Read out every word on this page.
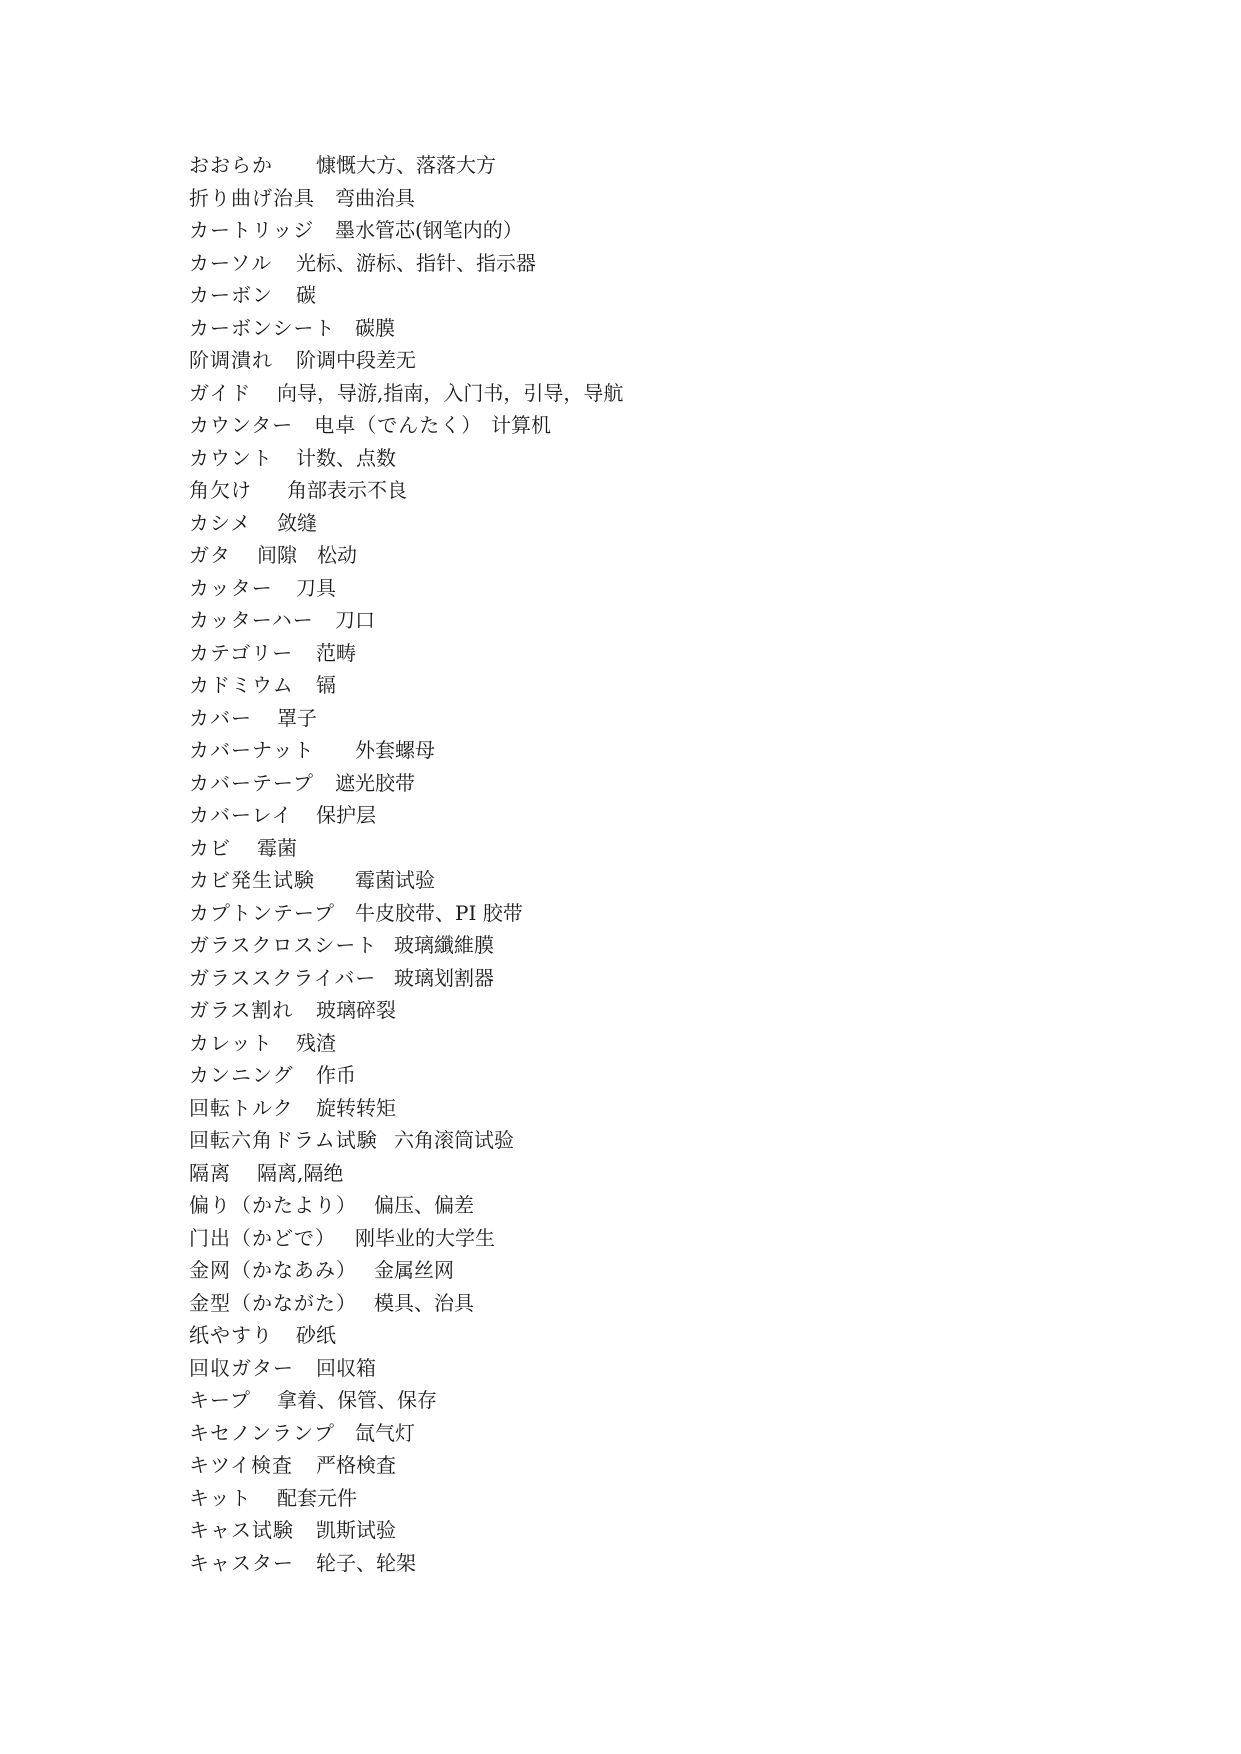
おおらか	慷慨大方、落落大方
折り曲げ治具	弯曲治具
カートリッジ	墨水管芯(钢笔内的）
カーソル	光标、游标、指针、指示器
カーボン	碳
カーボンシート 碳膜
阶调潰れ	阶调中段差无
ガイド	向导，导游,指南，入门书，引导，导航
カウンター　电卓（でんたく） 计算机
カウント	计数、点数
角欠け	角部表示不良
カシメ	敛缝
ガタ	间隙　松动
カッター	刀具
カッターハー	刀口
カテゴリー	范畴
カドミウム	镉
カバー	罩子
カバーナット	外套螺母
カバーテープ	遮光胶带
カバーレイ	保护层
カビ	霉菌
カビ発生试験	霉菌试验
カプトンテープ	牛皮胶带、PI 胶带
ガラスクロスシート 玻璃纖維膜
ガラススクライバー 玻璃划割器
ガラス割れ	玻璃碎裂
カレット	残渣
カンニング	作币
回転トルク	旋转转矩
回転六角ドラム试験 六角滚筒试验
隔离	隔离,隔绝
偏り（かたより） 偏压、偏差
门出（かどで） 刚毕业的大学生
金网（かなあみ） 金属丝网
金型（かながた） 模具、治具
纸やすり	砂纸
回収ガター	回収箱
キープ	拿着、保管、保存
キセノンランプ	氙气灯
キツイ検査	严格検査
キット	配套元件
キャス试験	凯斯试验
キャスター	轮子、轮架
